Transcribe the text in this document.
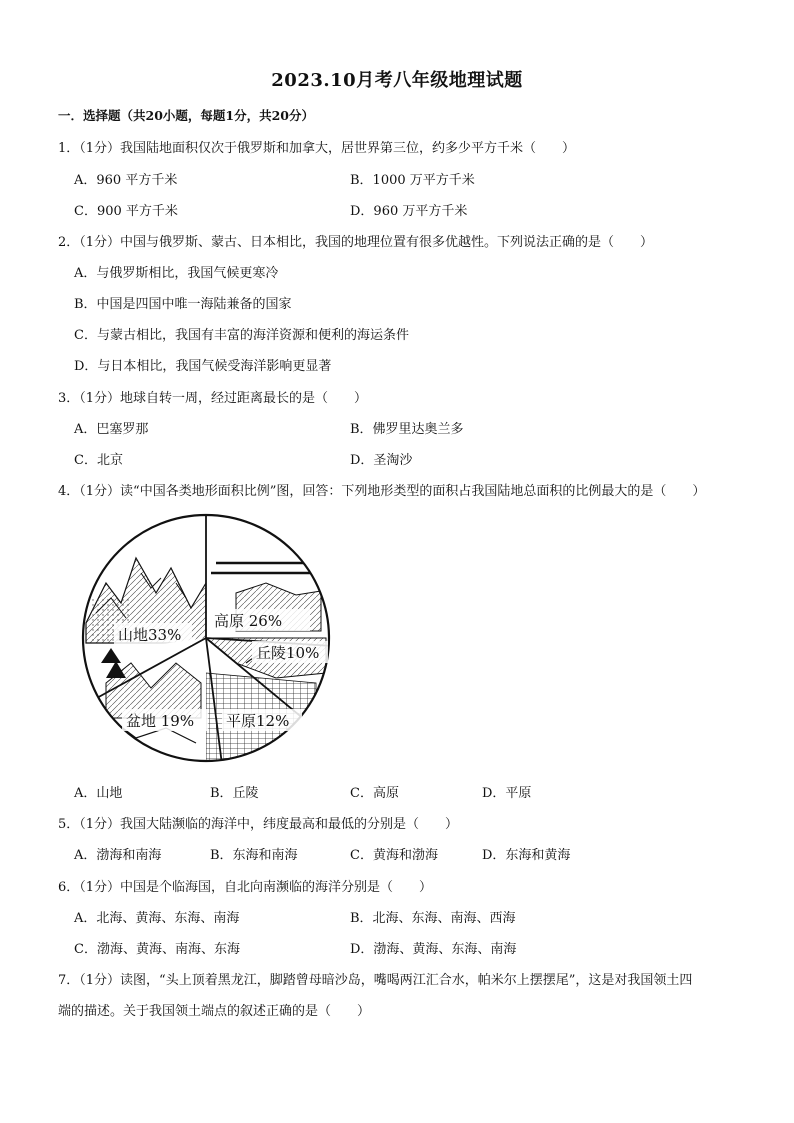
2023.10月考八年级地理试题
一．选择题（共20小题，每题1分，共20分）
1．（1分）我国陆地面积仅次于俄罗斯和加拿大，居世界第三位，约多少平方千米（　　）
A．960 平方千米	B．1000 万平方千米
C．900 平方千米	D．960 万平方千米
2．（1分）中国与俄罗斯、蒙古、日本相比，我国的地理位置有很多优越性。下列说法正确的是（　　）
A．与俄罗斯相比，我国气候更寒冷
B．中国是四国中唯一海陆兼备的国家
C．与蒙古相比，我国有丰富的海洋资源和便利的海运条件
D．与日本相比，我国气候受海洋影响更显著
3．（1分）地球自转一周，经过距离最长的是（　　）
A．巴塞罗那	B．佛罗里达奥兰多
C．北京	D．圣淘沙
4．（1分）读“中国各类地形面积比例”图，回答：下列地形类型的面积占我国陆地总面积的比例最大的是（　　）
山地33%
高原 26%
丘陵10%
平原12%
盆地 19%
A．山地	B．丘陵	C．高原	D．平原
5．（1分）我国大陆濒临的海洋中，纬度最高和最低的分别是（　　）
A．渤海和南海	B．东海和南海	C．黄海和渤海	D．东海和黄海
6．（1分）中国是个临海国，自北向南濒临的海洋分别是（　　）
A．北海、黄海、东海、南海	B．北海、东海、南海、西海
C．渤海、黄海、南海、东海	D．渤海、黄海、东海、南海
7．（1分）读图，“头上顶着黑龙江，脚踏曾母暗沙岛，嘴喝两江汇合水，帕米尔上摆摆尾”，这是对我国领土四
端的描述。关于我国领土端点的叙述正确的是（　　）
